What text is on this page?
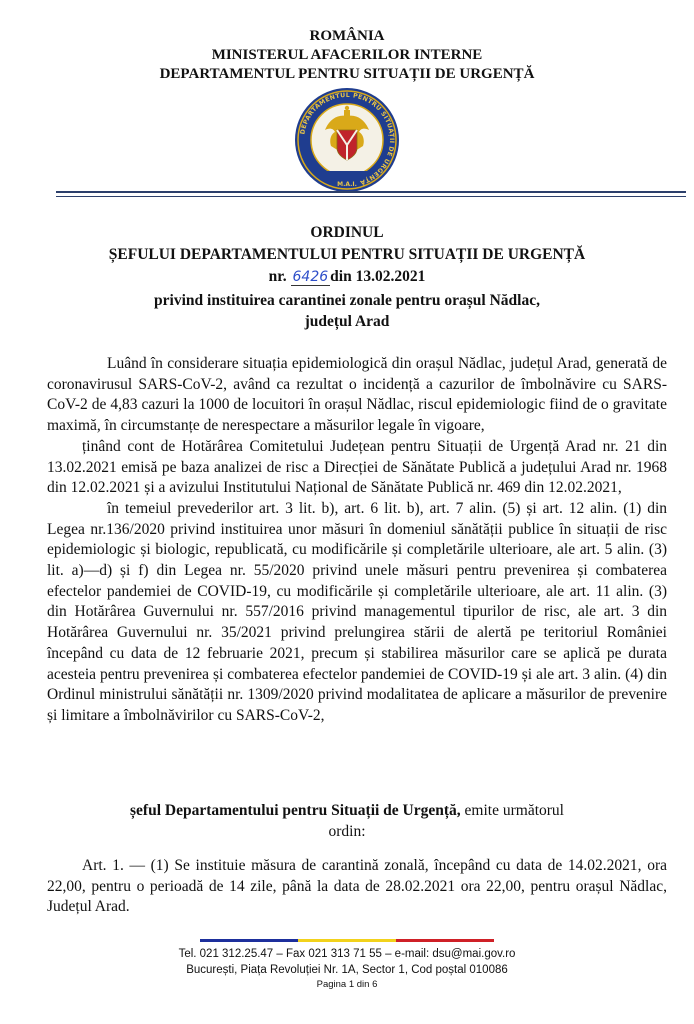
ROMÂNIA
MINISTERUL AFACERILOR INTERNE
DEPARTAMENTUL PENTRU SITUAȚII DE URGENȚĂ
DEPARTAMENTUL PENTRU SITUAȚII DE URGENȚĂ
M.A.I.
ORDINUL
ȘEFULUI DEPARTAMENTULUI PENTRU SITUAȚII DE URGENȚĂ
nr. 6426 din 13.02.2021
privind instituirea carantinei zonale pentru orașul Nădlac,
județul Arad

Luând în considerare situația epidemiologică din orașul Nădlac, județul Arad, generată de coronavirusul SARS-CoV-2, având ca rezultat o incidență a cazurilor de îmbolnăvire cu SARS-CoV-2 de 4,83 cazuri la 1000 de locuitori în orașul Nădlac, riscul epidemiologic fiind de o gravitate maximă, în circumstanțe de nerespectare a măsurilor legale în vigoare,

ținând cont de Hotărârea Comitetului Județean pentru Situații de Urgență Arad nr. 21 din 13.02.2021 emisă pe baza analizei de risc a Direcției de Sănătate Publică a județului Arad nr. 1968 din 12.02.2021 și a avizului Institutului Național de Sănătate Publică nr. 469 din 12.02.2021,

în temeiul prevederilor art. 3 lit. b), art. 6 lit. b), art. 7 alin. (5) și art. 12 alin. (1) din Legea nr.136/2020 privind instituirea unor măsuri în domeniul sănătății publice în situații de risc epidemiologic și biologic, republicată, cu modificările și completările ulterioare, ale art. 5 alin. (3) lit. a)—d) și f) din Legea nr. 55/2020 privind unele măsuri pentru prevenirea și combaterea efectelor pandemiei de COVID-19, cu modificările și completările ulterioare, ale art. 11 alin. (3) din Hotărârea Guvernului nr. 557/2016 privind managementul tipurilor de risc, ale art. 3 din Hotărârea Guvernului nr. 35/2021 privind prelungirea stării de alertă pe teritoriul României începând cu data de 12 februarie 2021, precum și stabilirea măsurilor care se aplică pe durata acesteia pentru prevenirea și combaterea efectelor pandemiei de COVID-19 și ale art. 3 alin. (4) din Ordinul ministrului sănătății nr. 1309/2020 privind modalitatea de aplicare a măsurilor de prevenire și limitare a îmbolnăvirilor cu SARS-CoV-2,

șeful Departamentului pentru Situații de Urgență, emite următorul
ordin:

Art. 1. — (1) Se instituie măsura de carantină zonală, începând cu data de 14.02.2021, ora 22,00, pentru o perioadă de 14 zile, până la data de 28.02.2021 ora 22,00, pentru orașul Nădlac, Județul Arad.

Tel. 021 312.25.47 – Fax 021 313 71 55 – e-mail: dsu@mai.gov.ro
București, Piața Revoluției Nr. 1A, Sector 1, Cod poștal 010086
Pagina 1 din 6
